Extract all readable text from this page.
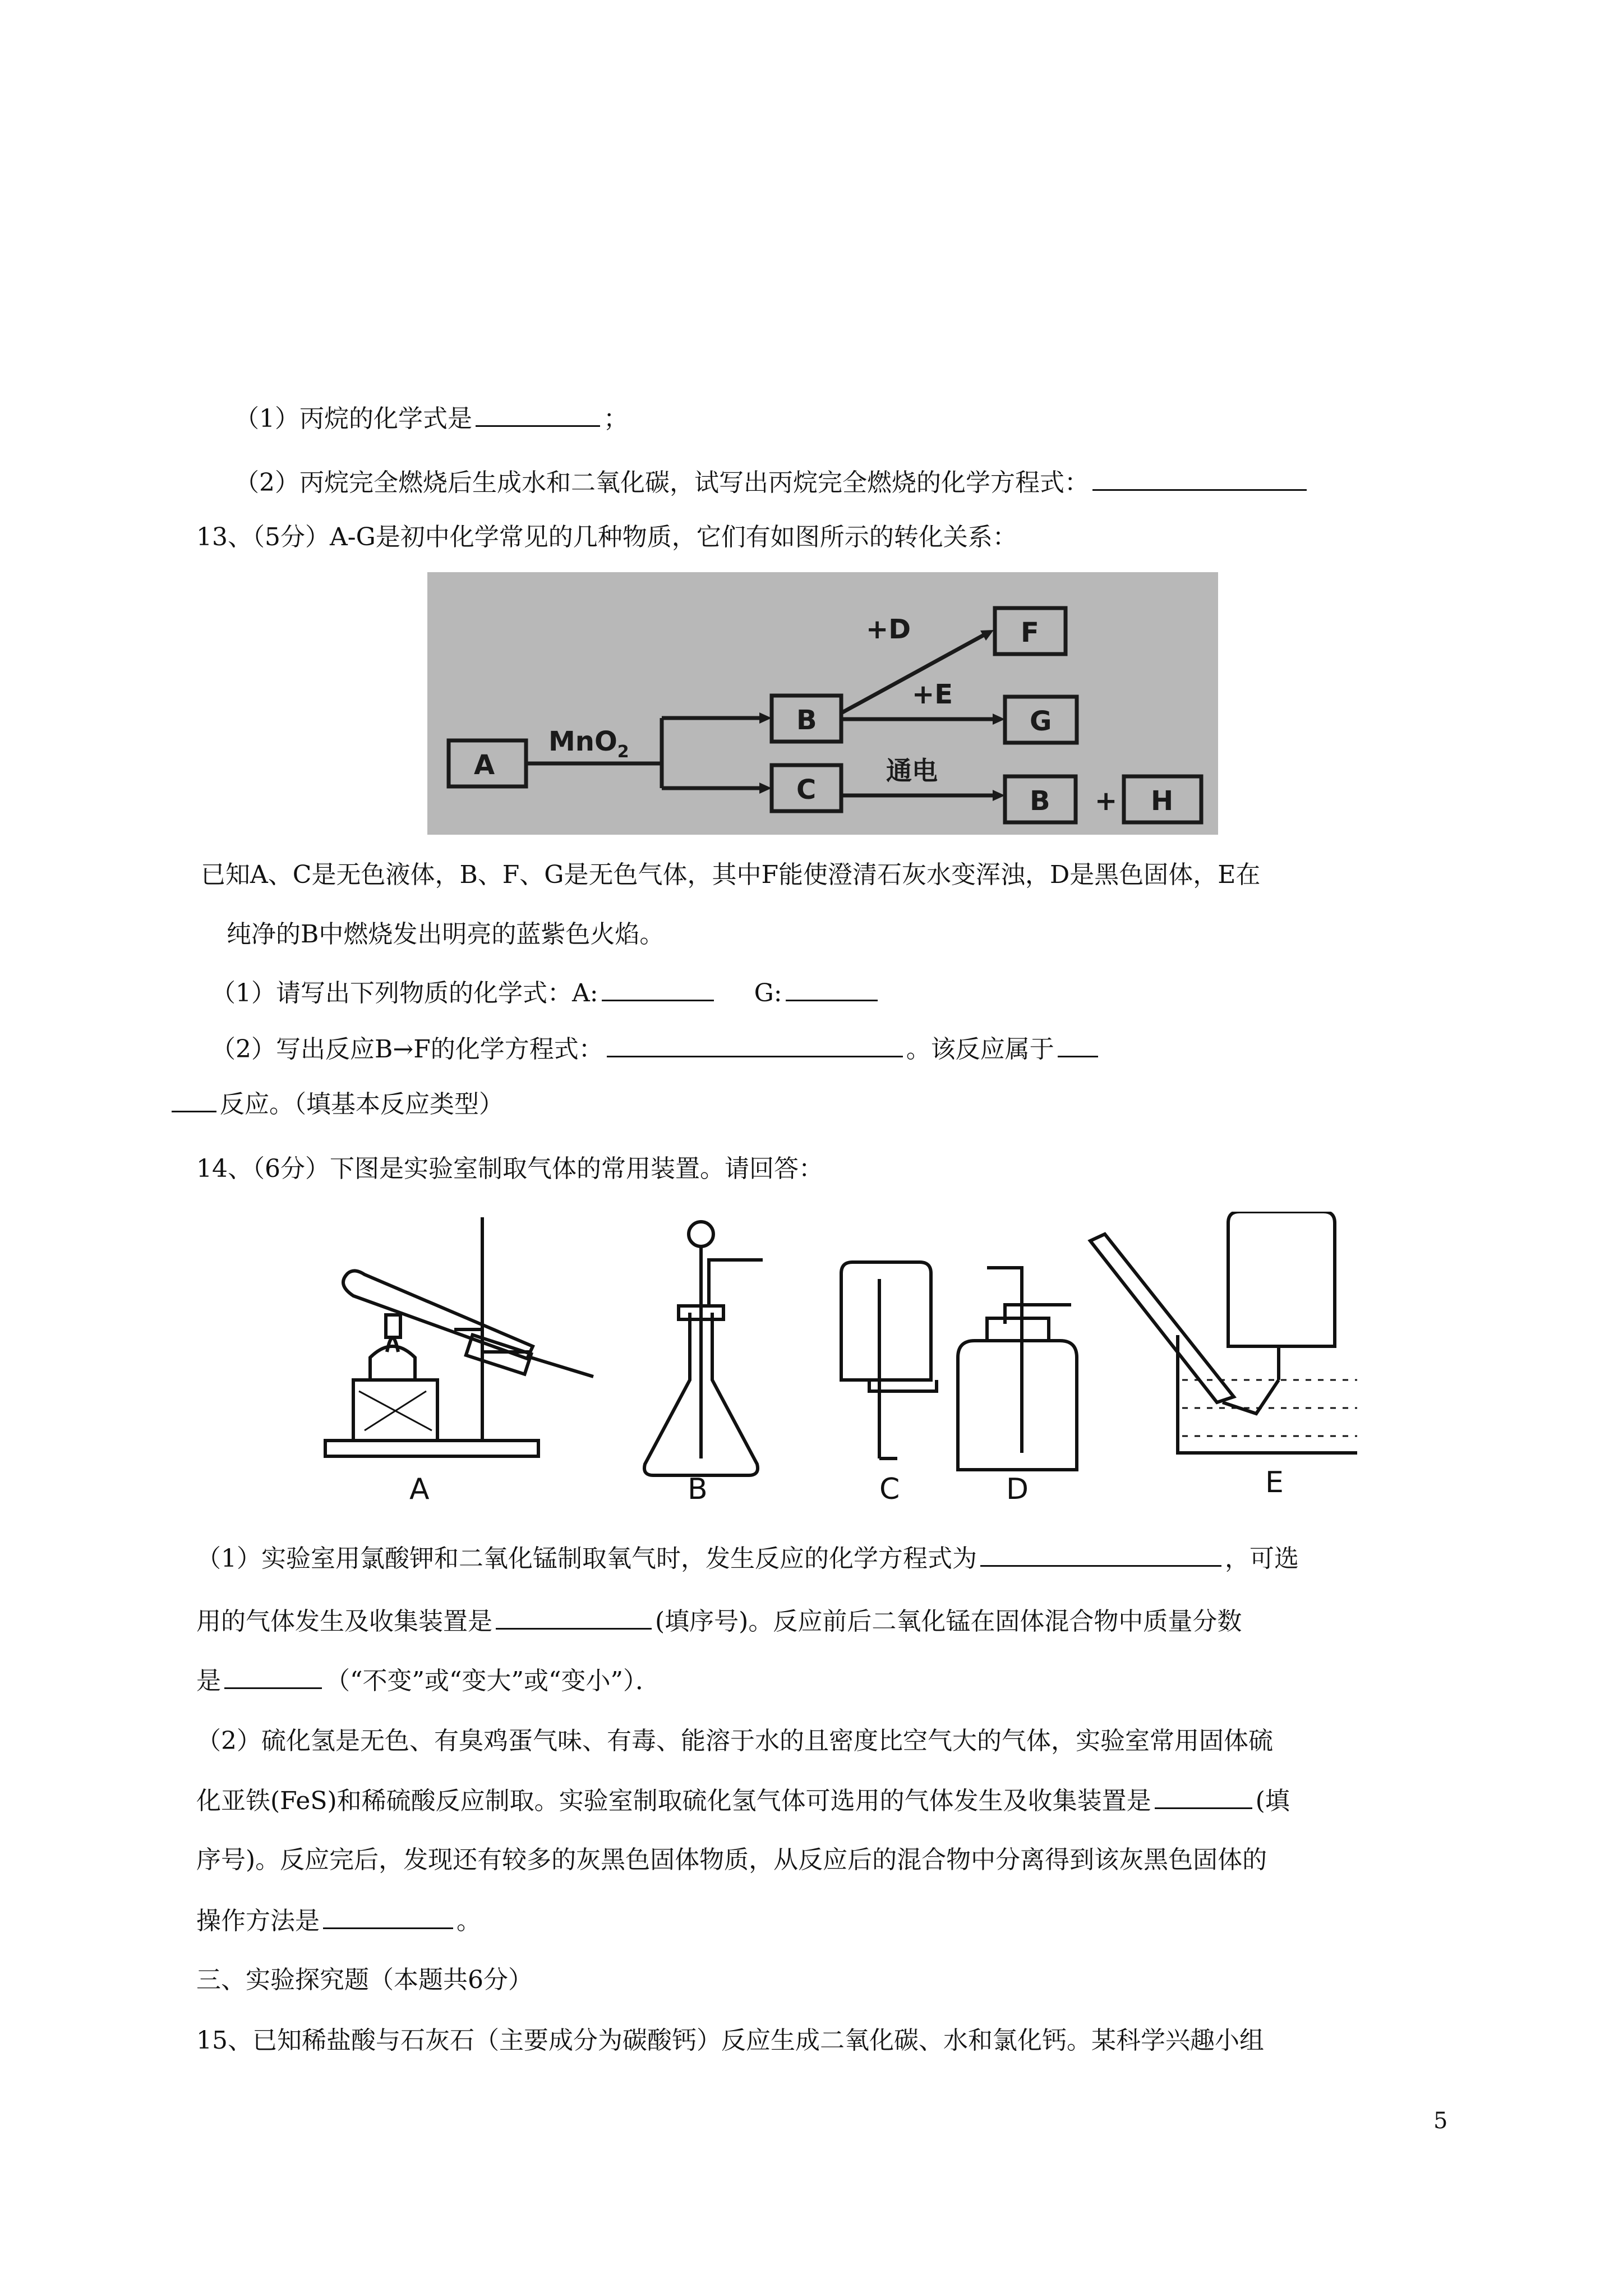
（1）丙烷的化学式是	；
（2）丙烷完全燃烧后生成水和二氧化碳，试写出丙烷完全燃烧的化学方程式：
13、（5分）A-G是初中化学常见的几种物质，它们有如图所示的转化关系：
A
B
C
F
G
B	H
MnO$_2$
+D
+E
+
通电
已知A、C是无色液体，B、F、G是无色气体，其中F能使澄清石灰水变浑浊，D是黑色固体，E在
纯净的B中燃烧发出明亮的蓝紫色火焰。
（1）请写出下列物质的化学式：A:	G:
（2）写出反应B→F的化学方程式：	。该反应属于
反应。（填基本反应类型）
14、（6分）下图是实验室制取气体的常用装置。请回答：
A	B	C	D	E
（1）实验室用氯酸钾和二氧化锰制取氧气时，发生反应的化学方程式为	，可选
用的气体发生及收集装置是	(填序号)。反应前后二氧化锰在固体混合物中质量分数
是	（“不变”或“变大”或“变小”）．
（2）硫化氢是无色、有臭鸡蛋气味、有毒、能溶于水的且密度比空气大的气体，实验室常用固体硫
化亚铁(FeS)和稀硫酸反应制取。实验室制取硫化氢气体可选用的气体发生及收集装置是	(填
序号)。反应完后，发现还有较多的灰黑色固体物质，从反应后的混合物中分离得到该灰黑色固体的
操作方法是	。
三、实验探究题（本题共6分）
15、已知稀盐酸与石灰石（主要成分为碳酸钙）反应生成二氧化碳、水和氯化钙。某科学兴趣小组
5
